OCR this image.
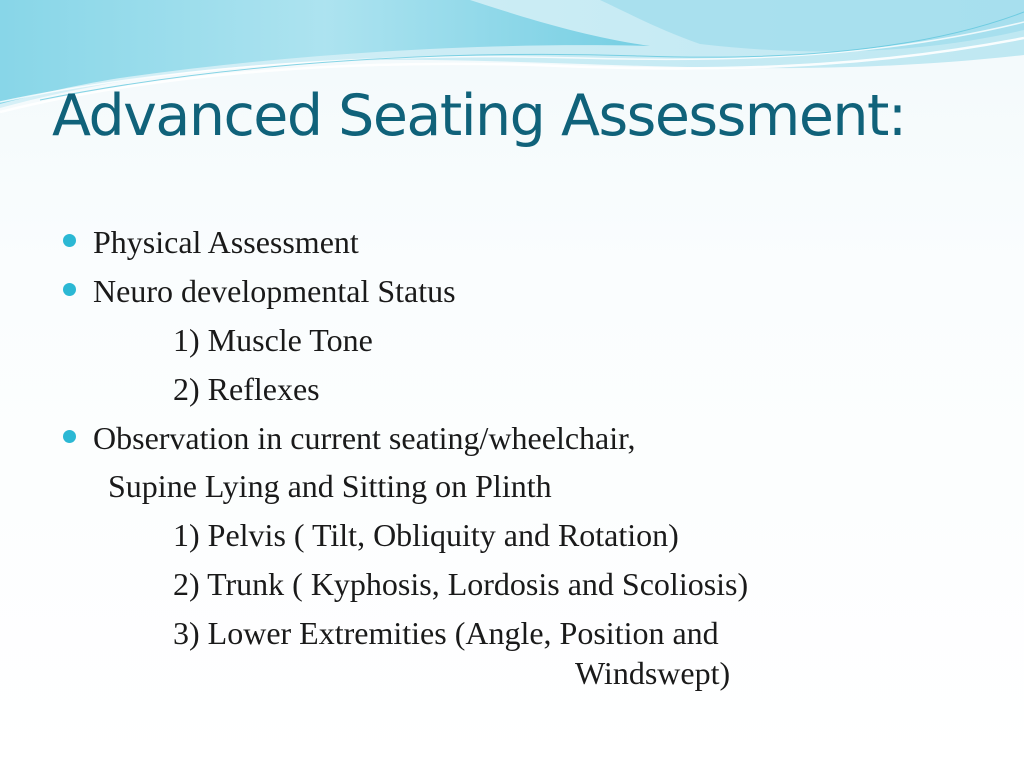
Advanced Seating Assessment:
Physical Assessment
Neuro developmental Status
1) Muscle Tone
2) Reflexes
Observation in current seating/wheelchair,
Supine Lying and Sitting on Plinth
1) Pelvis ( Tilt, Obliquity and Rotation)
2) Trunk ( Kyphosis, Lordosis and Scoliosis)
3) Lower Extremities (Angle, Position and
Windswept)
